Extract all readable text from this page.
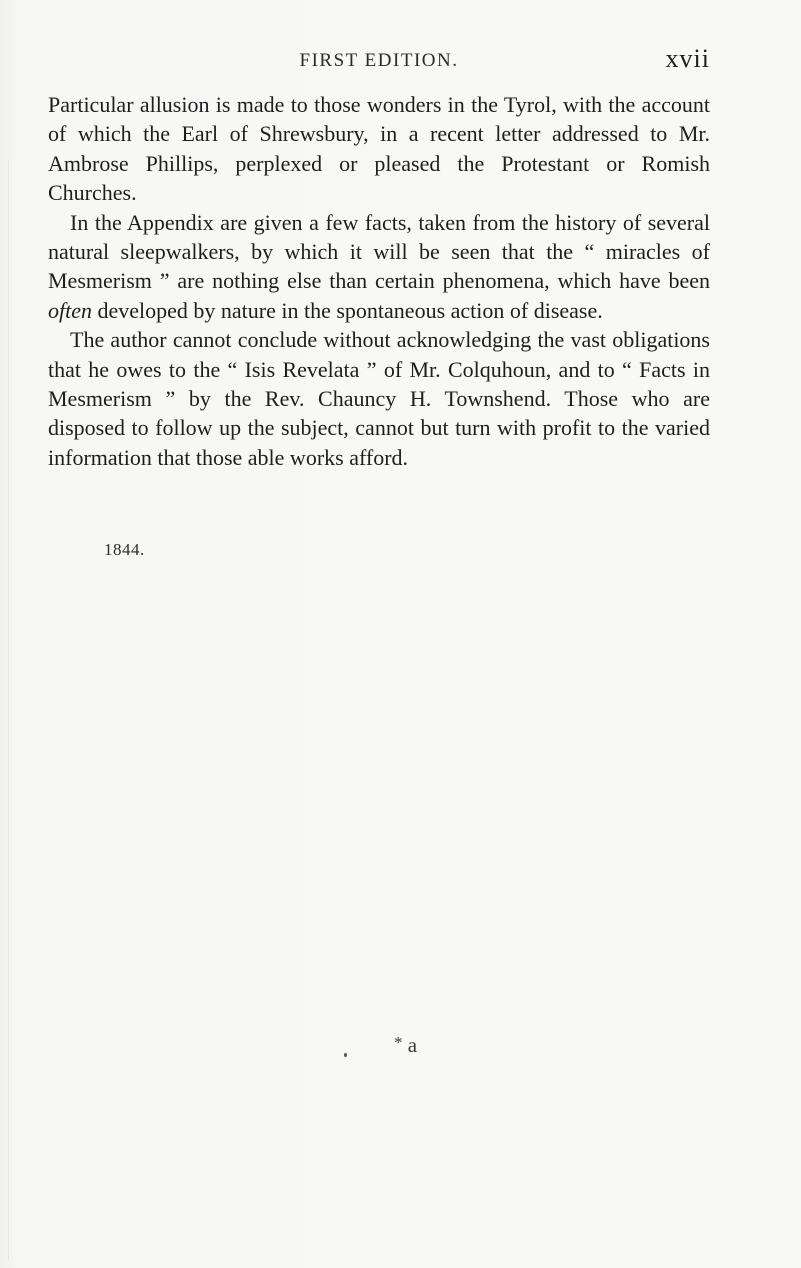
FIRST EDITION.	xvii

Particular allusion is made to those wonders in the Tyrol, with the account of which the Earl of Shrewsbury, in a recent letter addressed to Mr. Ambrose Phillips, perplexed or pleased the Protestant or Romish Churches.

In the Appendix are given a few facts, taken from the history of several natural sleepwalkers, by which it will be seen that the “ miracles of Mesmerism ” are nothing else than certain phenomena, which have been often developed by nature in the spontaneous action of disease.

The author cannot conclude without acknowledging the vast obligations that he owes to the “ Isis Revelata ” of Mr. Colquhoun, and to “ Facts in Mesmerism ” by the Rev. Chauncy H. Townshend. Those who are disposed to follow up the subject, cannot but turn with profit to the varied information that those able works afford.

1844.
* a
